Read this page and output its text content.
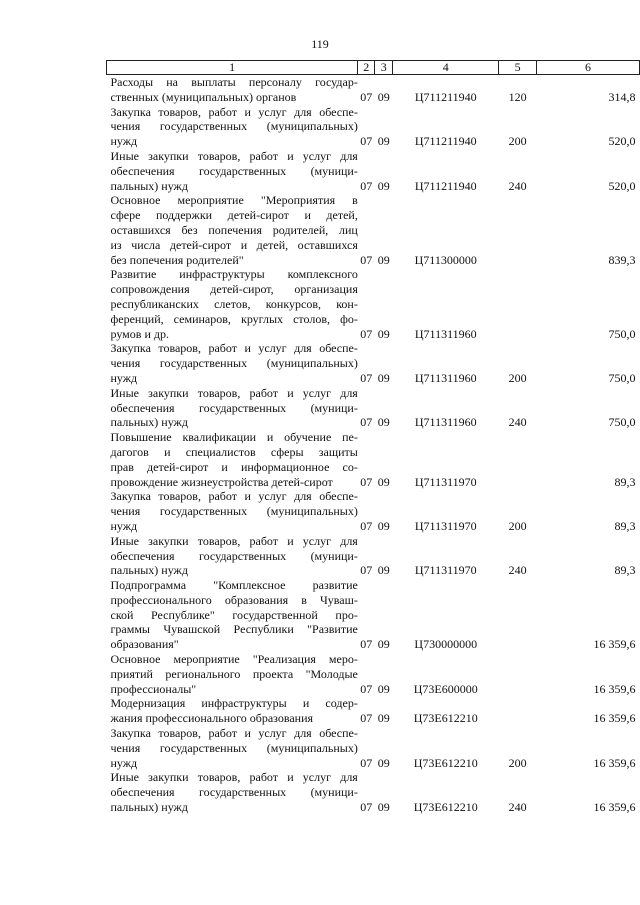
119
1	2	3	4	5	6

Расходы на выплаты персоналу государ-
ственных (муниципальных) органов	07	09	Ц711211940	120	314,8

Закупка товаров, работ и услуг для обеспе-
чения государственных (муниципальных)
нужд	07	09	Ц711211940	200	520,0

Иные закупки товаров, работ и услуг для
обеспечения государственных (муници-
пальных) нужд	07	09	Ц711211940	240	520,0

Основное мероприятие "Мероприятия в
сфере поддержки детей-сирот и детей,
оставшихся без попечения родителей, лиц
из числа детей-сирот и детей, оставшихся
без попечения родителей"	07	09	Ц711300000		839,3

Развитие инфраструктуры комплексного
сопровождения детей-сирот, организация
республиканских слетов, конкурсов, кон-
ференций, семинаров, круглых столов, фо-
румов и др.	07	09	Ц711311960		750,0

Закупка товаров, работ и услуг для обеспе-
чения государственных (муниципальных)
нужд	07	09	Ц711311960	200	750,0

Иные закупки товаров, работ и услуг для
обеспечения государственных (муници-
пальных) нужд	07	09	Ц711311960	240	750,0

Повышение квалификации и обучение пе-
дагогов и специалистов сферы защиты
прав детей-сирот и информационное со-
провождение жизнеустройства детей-сирот	07	09	Ц711311970		89,3

Закупка товаров, работ и услуг для обеспе-
чения государственных (муниципальных)
нужд	07	09	Ц711311970	200	89,3

Иные закупки товаров, работ и услуг для
обеспечения государственных (муници-
пальных) нужд	07	09	Ц711311970	240	89,3

Подпрограмма "Комплексное развитие
профессионального образования в Чуваш-
ской Республике" государственной про-
граммы Чувашской Республики "Развитие
образования"	07	09	Ц730000000		16 359,6

Основное мероприятие "Реализация меро-
приятий регионального проекта "Молодые
профессионалы"	07	09	Ц73Е600000		16 359,6

Модернизация инфраструктуры и содер-
жания профессионального образования	07	09	Ц73Е612210		16 359,6

Закупка товаров, работ и услуг для обеспе-
чения государственных (муниципальных)
нужд	07	09	Ц73Е612210	200	16 359,6

Иные закупки товаров, работ и услуг для
обеспечения государственных (муници-
пальных) нужд	07	09	Ц73Е612210	240	16 359,6
